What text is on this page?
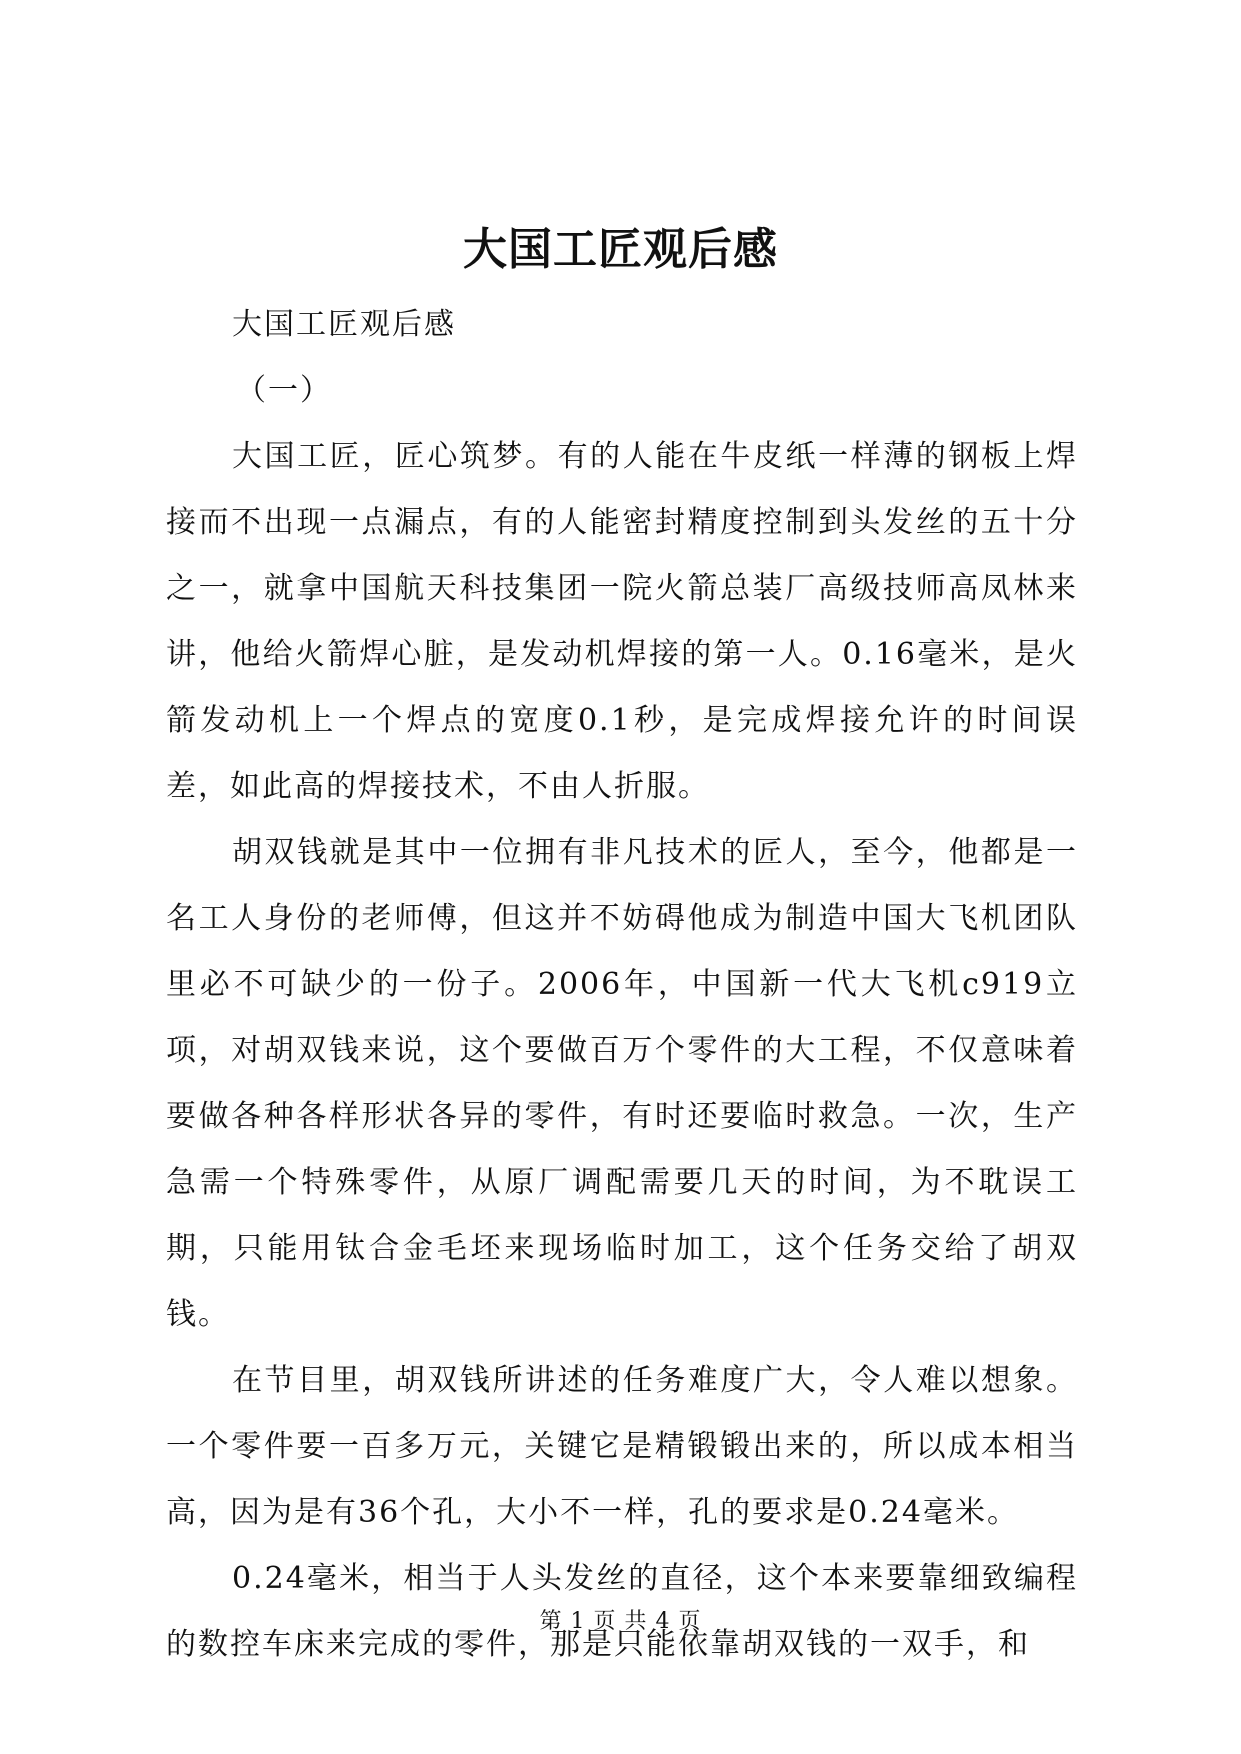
大国工匠观后感

大国工匠观后感

（一）

大国工匠，匠心筑梦。有的人能在牛皮纸一样薄的钢板上焊接而不出现一点漏点，有的人能密封精度控制到头发丝的五十分之一，就拿中国航天科技集团一院火箭总装厂高级技师高凤林来讲，他给火箭焊心脏，是发动机焊接的第一人。0.16毫米，是火箭发动机上一个焊点的宽度0.1秒，是完成焊接允许的时间误差，如此高的焊接技术，不由人折服。

胡双钱就是其中一位拥有非凡技术的匠人，至今，他都是一名工人身份的老师傅，但这并不妨碍他成为制造中国大飞机团队里必不可缺少的一份子。2006年，中国新一代大飞机c919立项，对胡双钱来说，这个要做百万个零件的大工程，不仅意味着要做各种各样形状各异的零件，有时还要临时救急。一次，生产急需一个特殊零件，从原厂调配需要几天的时间，为不耽误工期，只能用钛合金毛坯来现场临时加工，这个任务交给了胡双钱。

在节目里，胡双钱所讲述的任务难度广大，令人难以想象。一个零件要一百多万元，关键它是精锻锻出来的，所以成本相当高，因为是有36个孔，大小不一样，孔的要求是0.24毫米。

0.24毫米，相当于人头发丝的直径，这个本来要靠细致编程的数控车床来完成的零件，那是只能依靠胡双钱的一双手，和

第 1 页 共 4 页
